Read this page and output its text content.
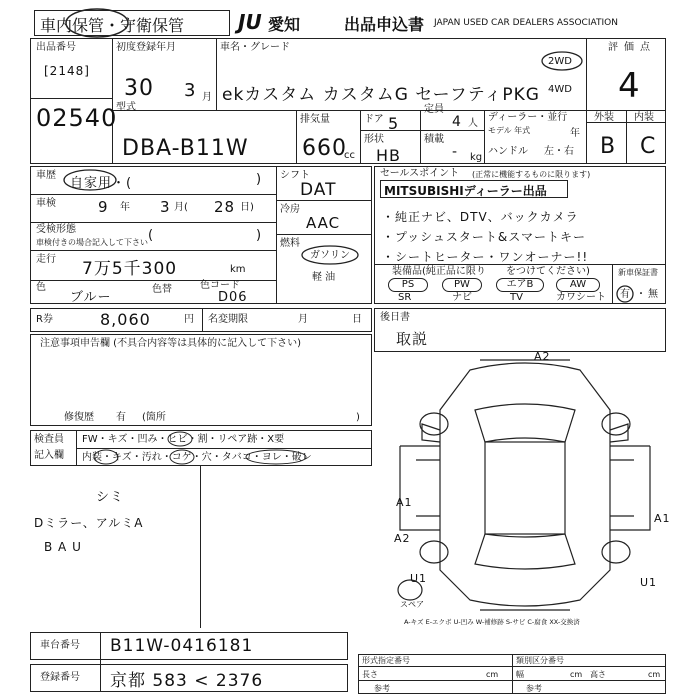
車内保管・守衛保管	JU 愛知	出品申込書 JAPAN USED CAR DEALERS ASSOCIATION
出品番号
[2148]
02540
初度登録年月
30 3 月
車名・グレード
ekカスタム カスタムG セーフティPKG
2WD
4WD
評価点
4
外装 内装
B C
型式
DBA-B11W
排気量
660
cc
ドア 5
定員
4 人
形状
HB
積載
- kg
ディーラー・並行
モデル 年式	年
ハンドル 左・右
車歴
自家用・(	)
車検	9 年 3 月( 28 日)
受検形態
車検付きの場合記入して下さい (	)
走行 7万5千300	km
色
ブルー
色替	色コード
D06
シフト
DAT
冷房
AAC
燃料
ガソリン
軽 油
セールスポイント (正常に機能するものに限ります)
MITSUBISHIディーラー出品
・純正ナビ、DTV、バックカメラ
・プッシュスタート&スマートキー
・シートヒーター・ワンオーナー!!
装備品(純正品に限り をつけてください)
PS	PW	エアB	AW
SR	ナビ	TV	カワシート
新車保証書
有 ・ 無
R券	8,060	円 名変期限	月	日 後日書
取説
注意事項申告欄 (不具合内容等は具体的に記入して下さい)
修復歴 有 (箇所	)
検査員
記入欄
FW・キズ・凹み・ヒビ・割・リペア跡・X要
内装・キズ・汚れ・コゲ・穴・タバコ・ヨレ・破レ
シミ
Dミラー、アルミA
B A U
A2
A1
A2
U1
A1
U1
スペア
A-キズ E-エクボ U-凹み W-補修跡 S-サビ C-腐食 XX-交換済
車台番号 B11W-0416181
登録番号 京都 583 < 2376
形式指定番号	類別区分番号
長さ	cm 幅	cm 高さ	cm
参考	参考
